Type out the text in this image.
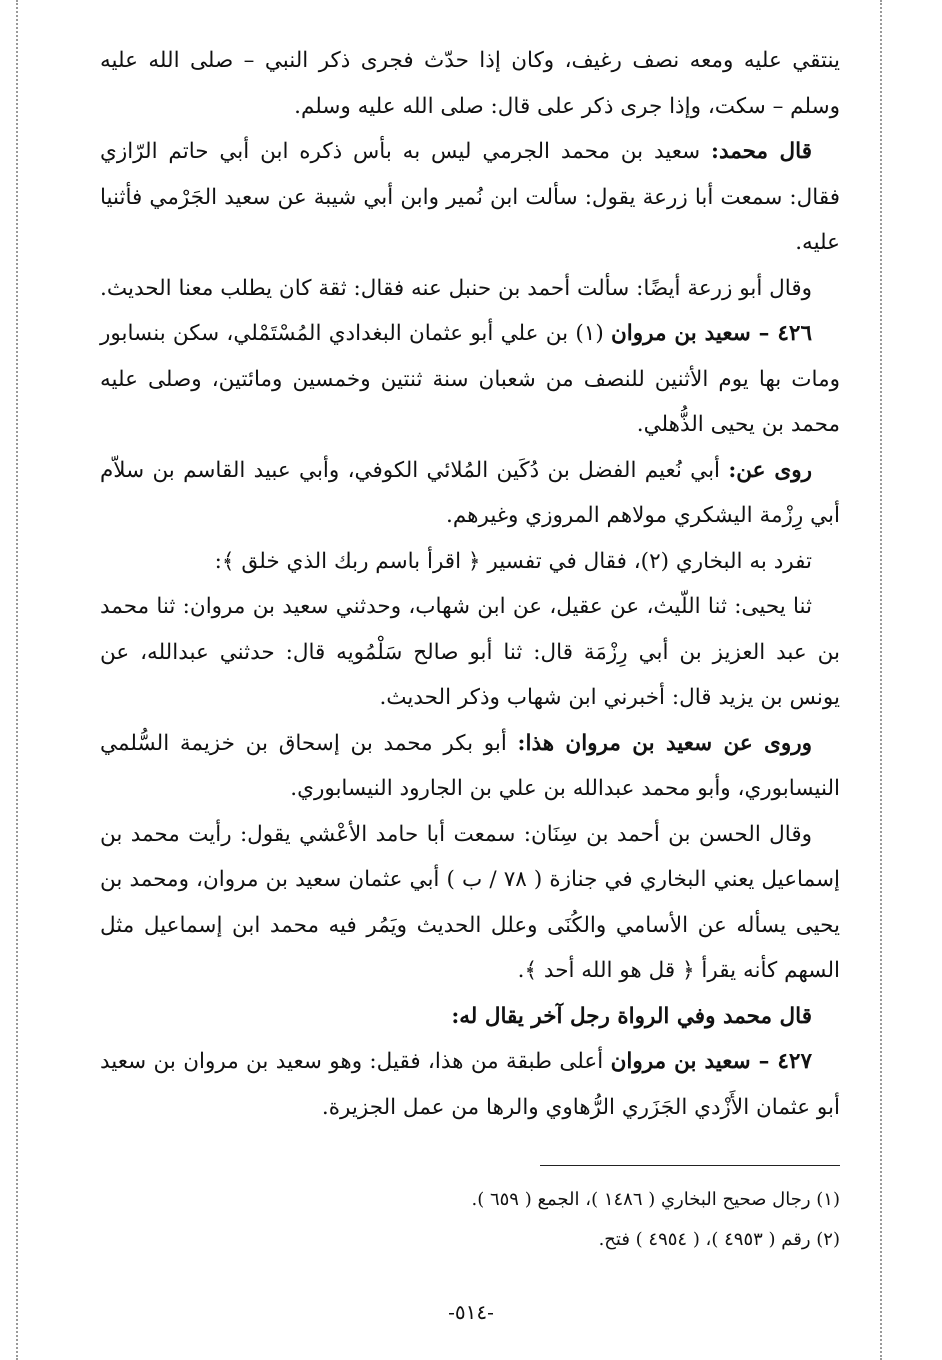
ينتقي عليه ومعه نصف رغيف، وكان إذا حدّث فجرى ذكر النبي – صلى الله عليه وسلم – سكت، وإذا جرى ذكر على قال: صلى الله عليه وسلم.

قال محمد: سعيد بن محمد الجرمي ليس به بأس ذكره ابن أبي حاتم الرّازي فقال: سمعت أبا زرعة يقول: سألت ابن نُمير وابن أبي شيبة عن سعيد الجَرْمي فأثنيا عليه.

وقال أبو زرعة أيضًا: سألت أحمد بن حنبل عنه فقال: ثقة كان يطلب معنا الحديث.

٤٢٦ – سعيد بن مروان (١) بن علي أبو عثمان البغدادي المُسْتَمْلي، سكن بنسابور ومات بها يوم الأثنين للنصف من شعبان سنة ثنتين وخمسين ومائتين، وصلى عليه محمد بن يحيى الذُّهلي.

روى عن: أبي نُعيم الفضل بن دُكَين المُلائي الكوفي، وأبي عبيد القاسم بن سلاّم أبي رِزْمة اليشكري مولاهم المروزي وغيرهم.

تفرد به البخاري (٢)، فقال في تفسير ﴿ اقرأ باسم ربك الذي خلق ﴾:

ثنا يحيى: ثنا اللّيث، عن عقيل، عن ابن شهاب، وحدثني سعيد بن مروان: ثنا محمد بن عبد العزيز بن أبي رِزْمَة قال: ثنا أبو صالح سَلْمُويه قال: حدثني عبدالله، عن يونس بن يزيد قال: أخبرني ابن شهاب وذكر الحديث.

وروى عن سعيد بن مروان هذا: أبو بكر محمد بن إسحاق بن خزيمة السُّلمي النيسابوري، وأبو محمد عبدالله بن علي بن الجارود النيسابوري.

وقال الحسن بن أحمد بن سِنَان: سمعت أبا حامد الأعْشي يقول: رأيت محمد بن إسماعيل يعني البخاري في جنازة ( ٧٨ / ب ) أبي عثمان سعيد بن مروان، ومحمد بن يحيى يسأله عن الأسامي والكُنَى وعلل الحديث ويَمُر فيه محمد ابن إسماعيل مثل السهم كأنه يقرأ ﴿ قل هو الله أحد ﴾.

قال محمد وفي الرواة رجل آخر يقال له:

٤٢٧ – سعيد بن مروان أعلى طبقة من هذا، فقيل: وهو سعيد بن مروان بن سعيد أبو عثمان الأَزْدي الجَزَري الرُّهاوي والرها من عمل الجزيرة.

(١) رجال صحيح البخاري ( ١٤٨٦ )، الجمع ( ٦٥٩ ).

(٢) رقم ( ٤٩٥٣ )، ( ٤٩٥٤ ) فتح.

-٥١٤-
